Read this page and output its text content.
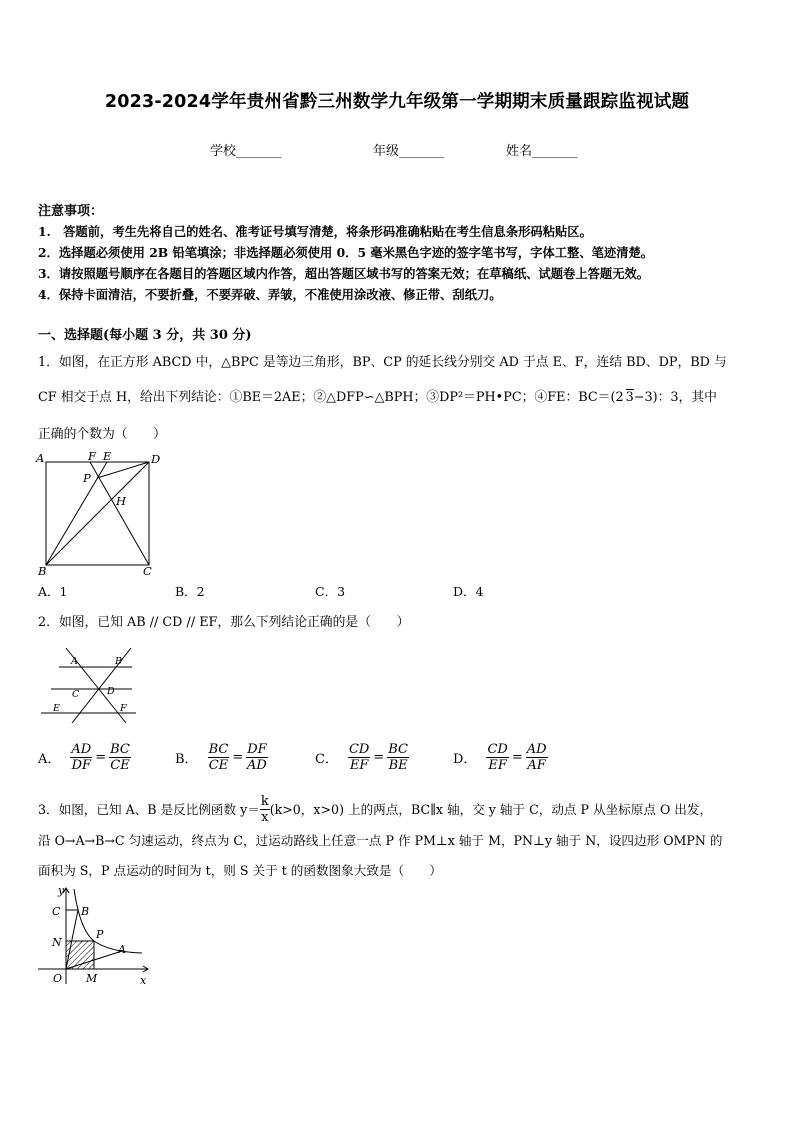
2023-2024学年贵州省黔三州数学九年级第一学期期末质量跟踪监视试题
学校_______	年级_______	姓名_______
注意事项：
1.　答题前，考生先将自己的姓名、准考证号填写清楚，将条形码准确粘贴在考生信息条形码粘贴区。
2．选择题必须使用 2B 铅笔填涂；非选择题必须使用 0．5 毫米黑色字迹的签字笔书写，字体工整、笔迹清楚。
3．请按照题号顺序在各题目的答题区域内作答，超出答题区域书写的答案无效；在草稿纸、试题卷上答题无效。
4．保持卡面清洁，不要折叠，不要弄破、弄皱，不准使用涂改液、修正带、刮纸刀。
一、选择题(每小题 3 分，共 30 分)
1．如图，在正方形 ABCD 中，△BPC 是等边三角形，BP、CP 的延长线分别交 AD 于点 E、F，连结 BD、DP，BD 与
CF 相交于点 H，给出下列结论：①BE＝2AE；②△DFP∽△BPH；③DP²＝PH•PC；④FE：BC＝(2 3−3)：3，其中
正确的个数为（　　）
A	F E	D
P
H
B	C
A．1	B．2	C．3	D．4
2．如图，已知 AB // CD // EF，那么下列结论正确的是（　　）
A	B
C	D
E	F
A． $\frac{AD}{DF} = \frac{BC}{CE}$	B． $\frac{BC}{CE} = \frac{DF}{AD}$	C． $\frac{CD}{EF} = \frac{BC}{BE}$	D． $\frac{CD}{EF} = \frac{AD}{AF}$
3．如图，已知 A、B 是反比例函数 $y= \frac{k}{x} (k>0$，x>0) 上的两点，BC∥x 轴，交 y 轴于 C，动点 P 从坐标原点 O 出发，
沿 O→A→B→C 匀速运动，终点为 C，过运动路线上任意一点 P 作 PM⊥x 轴于 M，PN⊥y 轴于 N，设四边形 OMPN 的
面积为 S，P 点运动的时间为 t，则 S 关于 t 的函数图象大致是（　　）
y
C B
N
P
A
O M	x
